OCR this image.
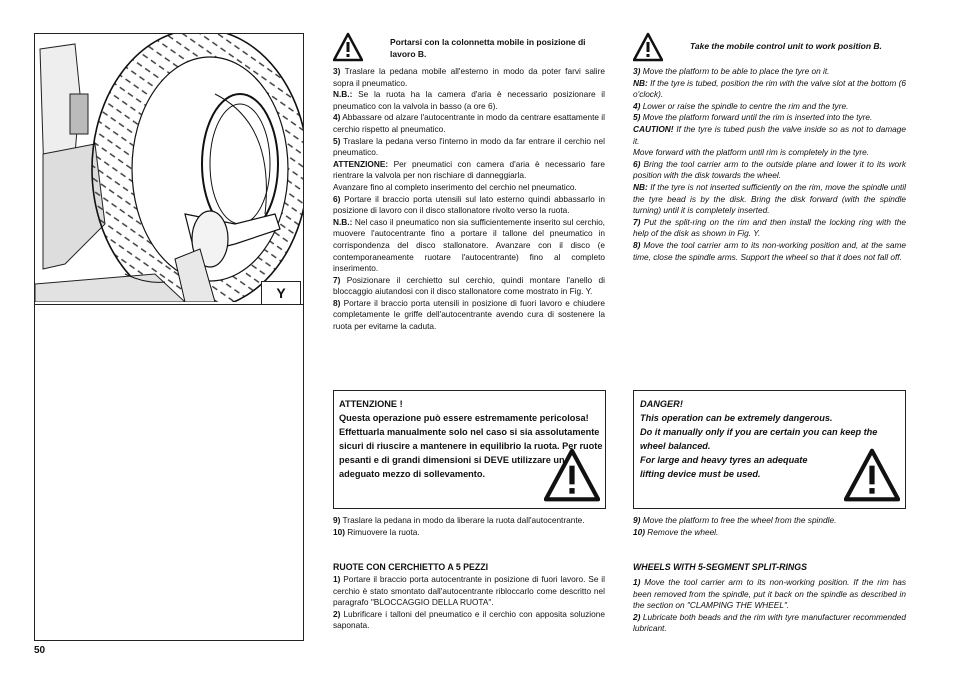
Y
Portarsi con la colonnetta mobile in posizione di lavoro B.
Take the mobile control unit to work position B.

3) Traslare la pedana mobile all'esterno in modo da poter farvi salire sopra il pneumatico.

N.B.: Se la ruota ha la camera d'aria è necessario posizionare il pneumatico con la valvola in basso (a ore 6).

4) Abbassare od alzare l'autocentrante in modo da centrare esattamente il cerchio rispetto al pneumatico.

5) Traslare la pedana verso l'interno in modo da far entrare il cerchio nel pneumatico.

ATTENZIONE: Per pneumatici con camera d'aria è necessario fare rientrare la valvola per non rischiare di danneggiarla.

Avanzare fino al completo inserimento del cerchio nel pneumatico.

6) Portare il braccio porta utensili sul lato esterno quindi abbassarlo in posizione di lavoro con il disco stallonatore rivolto verso la ruota.

N.B.: Nel caso il pneumatico non sia sufficientemente inserito sul cerchio, muovere l'autocentrante fino a portare il tallone del pneumatico in corrispondenza del disco stallonatore. Avanzare con il disco (e contemporaneamente ruotare l'autocentrante) fino al completo inserimento.

7) Posizionare il cerchietto sul cerchio, quindi montare l'anello di bloccaggio aiutandosi con il disco stallonatore come mostrato in Fig. Y.

8) Portare il braccio porta utensili in posizione di fuori lavoro e chiudere completamente le griffe dell'autocentrante avendo cura di sostenere la ruota per evitarne la caduta.

3) Move the platform to be able to place the tyre on it.

NB: If the tyre is tubed, position the rim with the valve slot at the bottom (6 o'clock).

4) Lower or raise the spindle to centre the rim and the tyre.

5) Move the platform forward until the rim is inserted into the tyre.

CAUTION! If the tyre is tubed push the valve inside so as not to damage it.

Move forward with the platform until rim is completely in the tyre.

6) Bring the tool carrier arm to the outside plane and lower it to its work position with the disk towards the wheel.

NB: If the tyre is not inserted sufficiently on the rim, move the spindle until the tyre bead is by the disk. Bring the disk forward (with the spindle turning) until it is completely inserted.

7) Put the split-ring on the rim and then install the locking ring with the help of the disk as shown in Fig. Y.

8) Move the tool carrier arm to its non-working position and, at the same time, close the spindle arms. Support the wheel so that it does not fall off.

ATTENZIONE !
Questa operazione può essere estremamente pericolosa! Effettuarla manualmente solo nel caso si sia assolutamente sicuri di riuscire a mantenere in equilibrio la ruota. Per ruote pesanti e di grandi dimensioni si DEVE utilizzare un adeguato mezzo di sollevamento.
DANGER!
This operation can be extremely dangerous.
Do it manually only if you are certain you can keep the wheel balanced.
For large and heavy tyres an adequate lifting device must be used.

9) Traslare la pedana in modo da liberare la ruota dall'autocentrante.

10) Rimuovere la ruota.

9) Move the platform to free the wheel from the spindle.

10) Remove the wheel.

RUOTE CON CERCHIETTO A 5 PEZZI	WHEELS WITH 5-SEGMENT SPLIT-RINGS

1) Portare il braccio porta autocentrante in posizione di fuori lavoro. Se il cerchio è stato smontato dall'autocentrante ribloccarlo come descritto nel paragrafo "BLOCCAGGIO DELLA RUOTA".

2) Lubrificare i talloni del pneumatico e il cerchio con apposita soluzione saponata.

1) Move the tool carrier arm to its non-working position. If the rim has been removed from the spindle, put it back on the spindle as described in the section on "CLAMPING THE WHEEL".

2) Lubricate both beads and the rim with tyre manufacturer recommended lubricant.

50
